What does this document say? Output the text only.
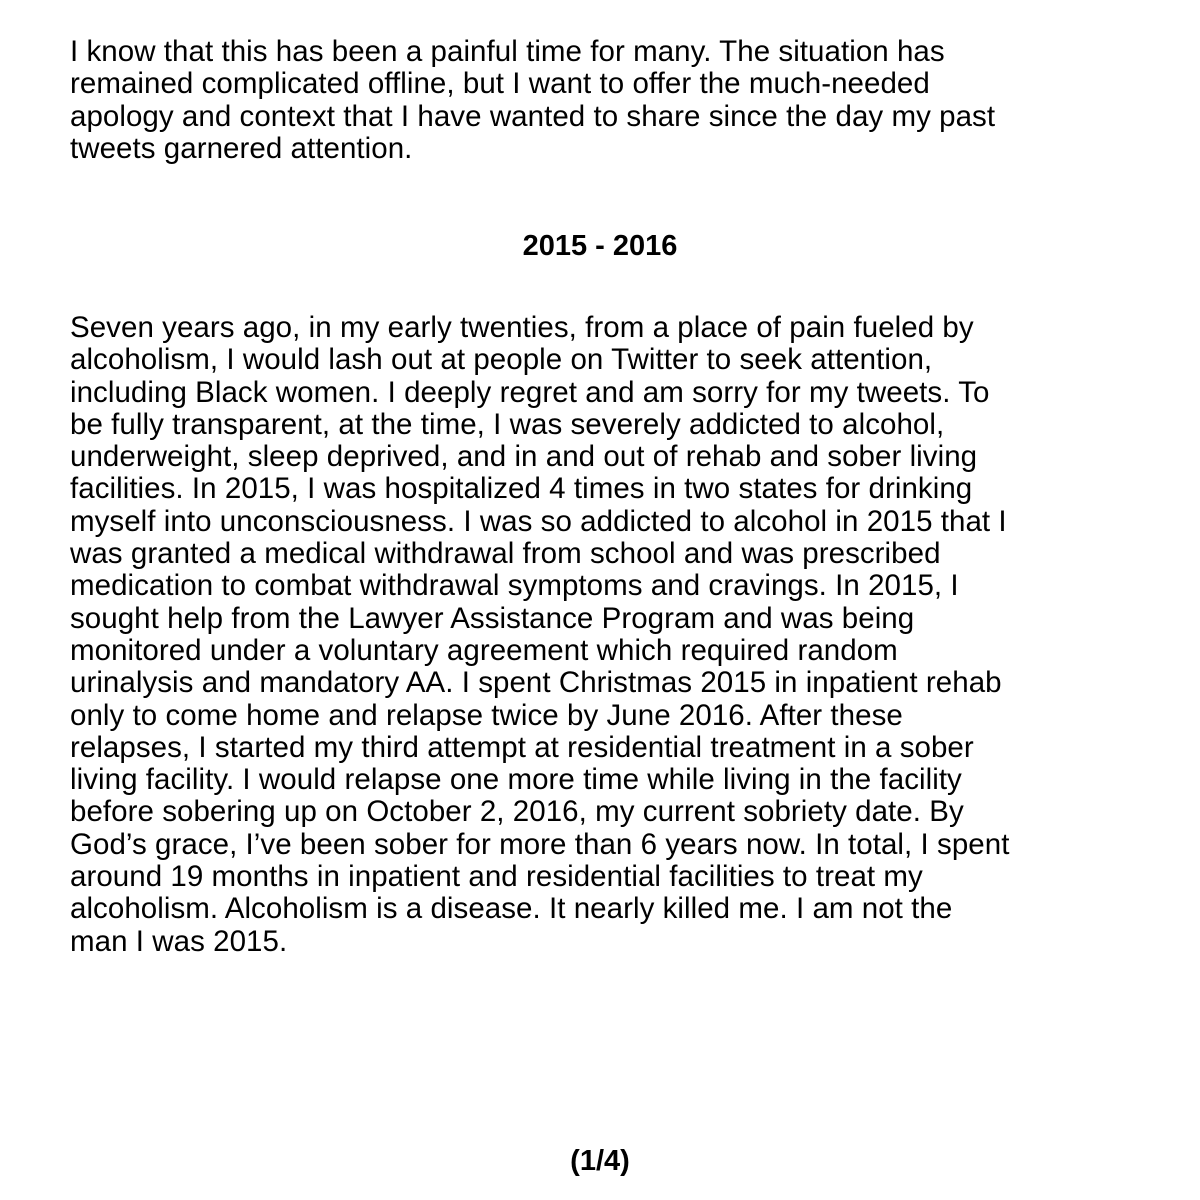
I know that this has been a painful time for many. The situation has
remained complicated offline, but I want to offer the much-needed
apology and context that I have wanted to share since the day my past
tweets garnered attention.

2015 - 2016

Seven years ago, in my early twenties, from a place of pain fueled by
alcoholism, I would lash out at people on Twitter to seek attention,
including Black women. I deeply regret and am sorry for my tweets. To
be fully transparent, at the time, I was severely addicted to alcohol,
underweight, sleep deprived, and in and out of rehab and sober living
facilities. In 2015, I was hospitalized 4 times in two states for drinking
myself into unconsciousness. I was so addicted to alcohol in 2015 that I
was granted a medical withdrawal from school and was prescribed
medication to combat withdrawal symptoms and cravings. In 2015, I
sought help from the Lawyer Assistance Program and was being
monitored under a voluntary agreement which required random
urinalysis and mandatory AA. I spent Christmas 2015 in inpatient rehab
only to come home and relapse twice by June 2016. After these
relapses, I started my third attempt at residential treatment in a sober
living facility. I would relapse one more time while living in the facility
before sobering up on October 2, 2016, my current sobriety date. By
God’s grace, I’ve been sober for more than 6 years now. In total, I spent
around 19 months in inpatient and residential facilities to treat my
alcoholism. Alcoholism is a disease. It nearly killed me. I am not the
man I was 2015.

(1/4)
